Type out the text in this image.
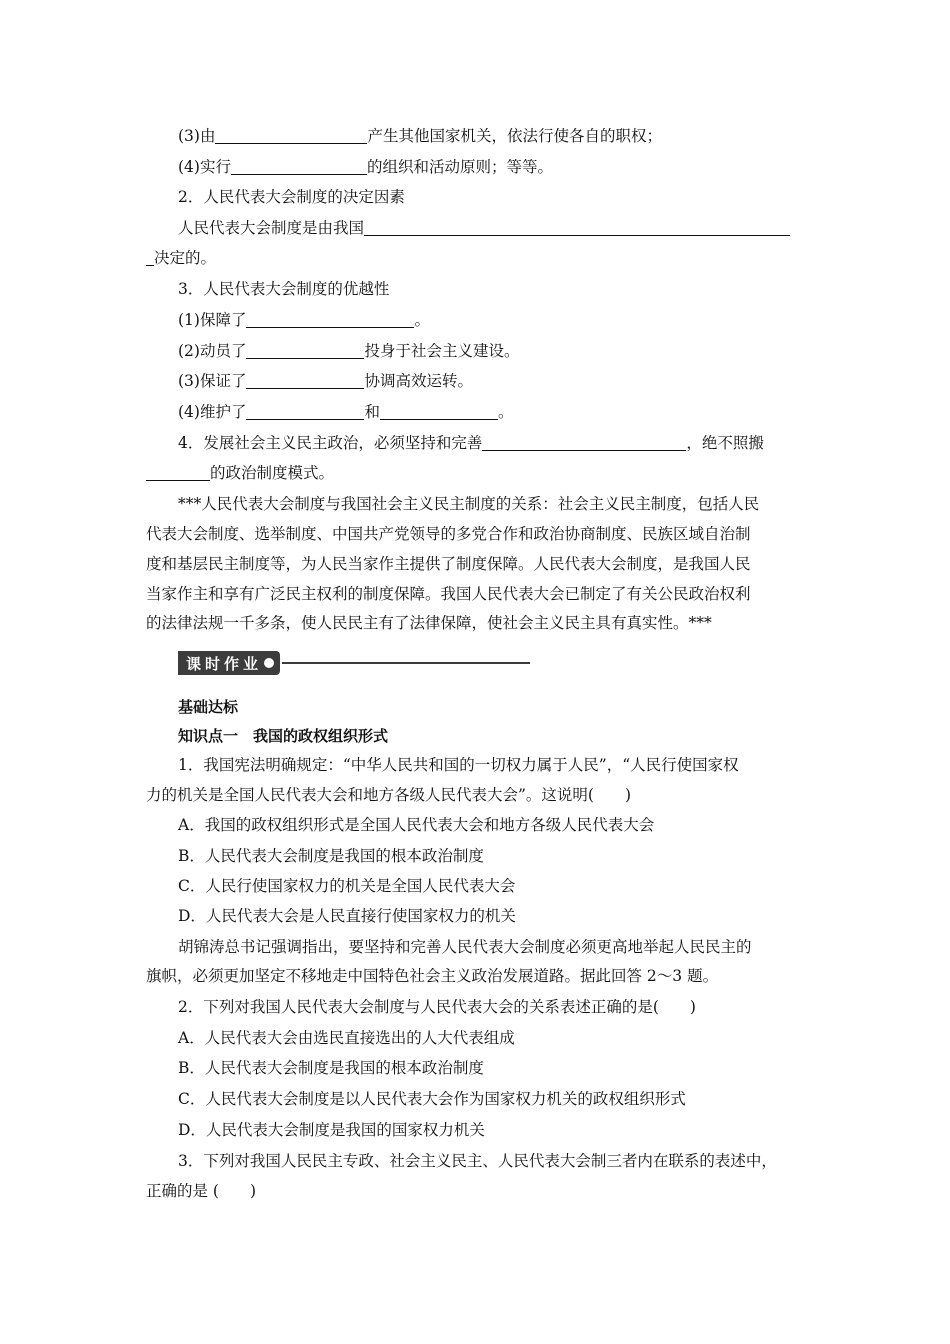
(3)由	产生其他国家机关，依法行使各自的职权；
(4)实行	的组织和活动原则；等等。
2．人民代表大会制度的决定因素
人民代表大会制度是由我国
决定的。
3．人民代表大会制度的优越性
(1)保障了	。
(2)动员了	投身于社会主义建设。
(3)保证了	协调高效运转。
(4)维护了	和	。
4．发展社会主义民主政治，必须坚持和完善	，绝不照搬
的政治制度模式。
***人民代表大会制度与我国社会主义民主制度的关系：社会主义民主制度，包括人民
代表大会制度、选举制度、中国共产党领导的多党合作和政治协商制度、民族区域自治制
度和基层民主制度等，为人民当家作主提供了制度保障。人民代表大会制度，是我国人民
当家作主和享有广泛民主权利的制度保障。我国人民代表大会已制定了有关公民政治权利
的法律法规一千多条，使人民民主有了法律保障，使社会主义民主具有真实性。***
课时作业
基础达标
知识点一　我国的政权组织形式
1．我国宪法明确规定：“中华人民共和国的一切权力属于人民”，“人民行使国家权
力的机关是全国人民代表大会和地方各级人民代表大会”。这说明(　　)
A．我国的政权组织形式是全国人民代表大会和地方各级人民代表大会
B．人民代表大会制度是我国的根本政治制度
C．人民行使国家权力的机关是全国人民代表大会
D．人民代表大会是人民直接行使国家权力的机关
胡锦涛总书记强调指出，要坚持和完善人民代表大会制度必须更高地举起人民民主的
旗帜，必须更加坚定不移地走中国特色社会主义政治发展道路。据此回答 2～3 题。
2．下列对我国人民代表大会制度与人民代表大会的关系表述正确的是(　　)
A．人民代表大会由选民直接选出的人大代表组成
B．人民代表大会制度是我国的根本政治制度
C．人民代表大会制度是以人民代表大会作为国家权力机关的政权组织形式
D．人民代表大会制度是我国的国家权力机关
3．下列对我国人民民主专政、社会主义民主、人民代表大会制三者内在联系的表述中，
正确的是 (　　)
